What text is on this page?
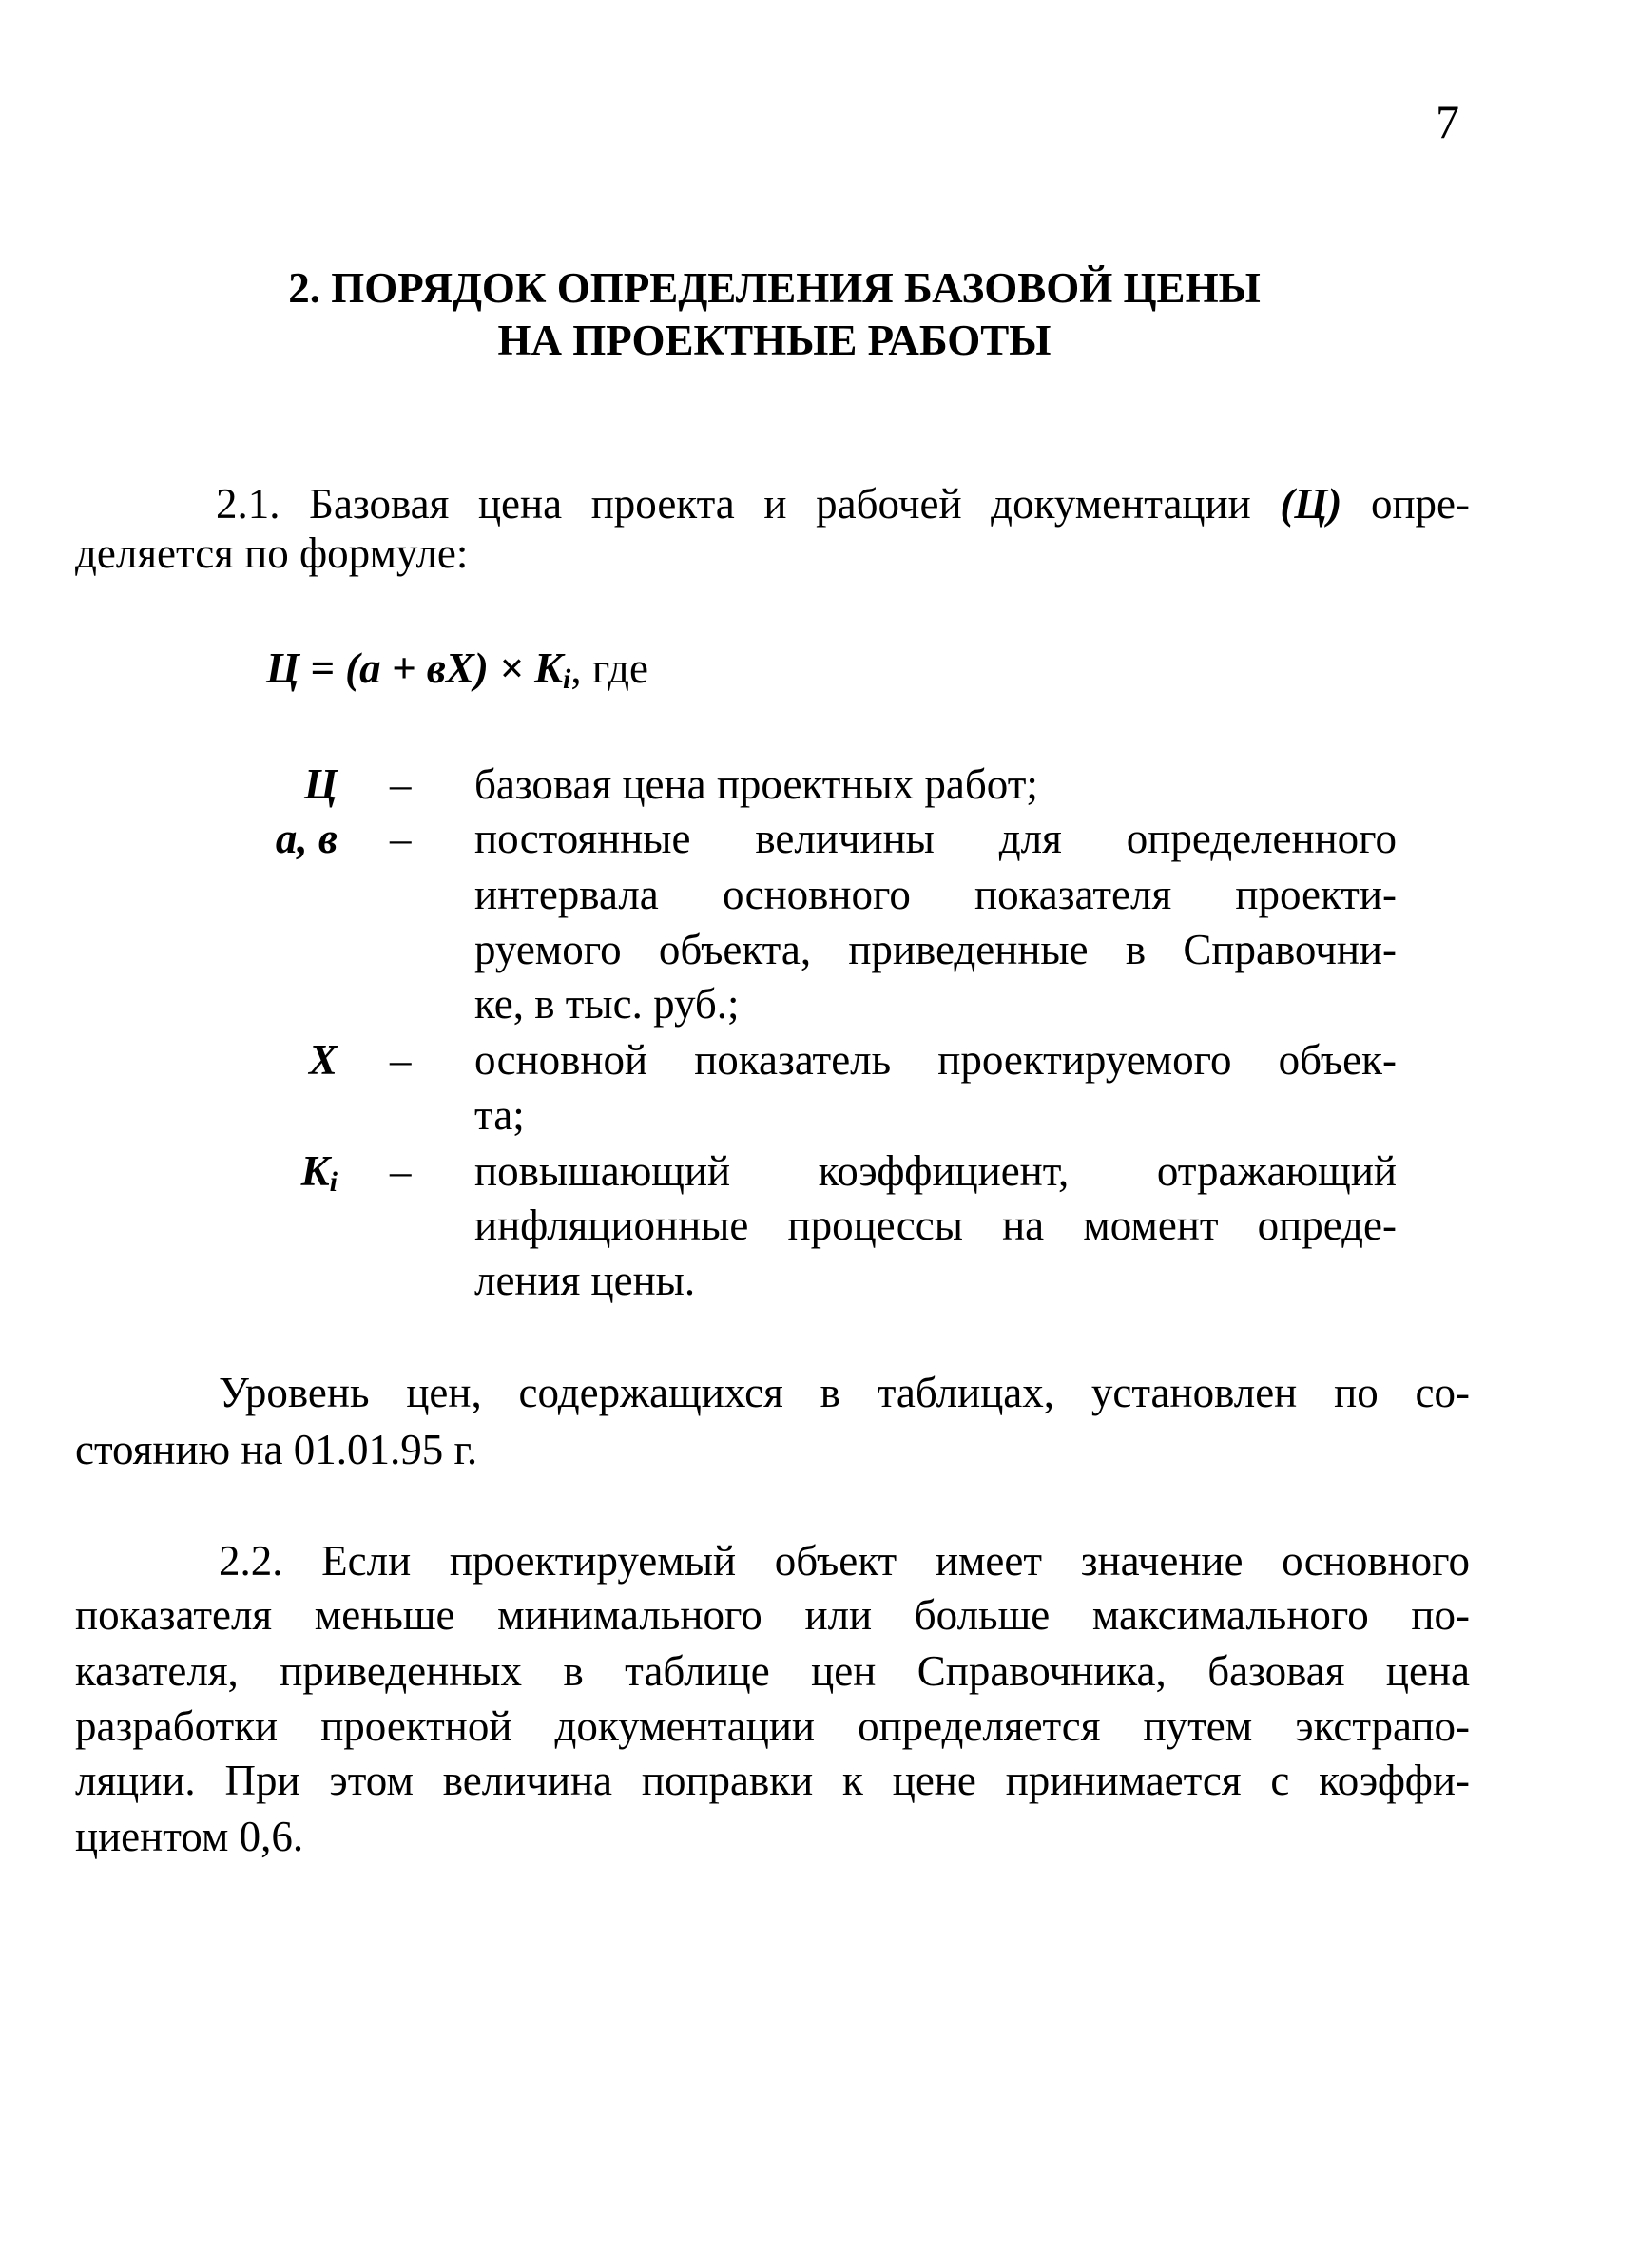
7
2. ПОРЯДОК ОПРЕДЕЛЕНИЯ БАЗОВОЙ ЦЕНЫ
НА ПРОЕКТНЫЕ РАБОТЫ
2.1. Базовая цена проекта и рабочей документации (Ц) опре-
деляется по формуле:
$Ц = (а + вХ) \times K_i$, где
Ц – базовая цена проектных работ;
а, в – постоянные величины для определенного
интервала основного показателя проекти-
руемого объекта, приведенные в Справочни-
ке, в тыс. руб.;
X – основной показатель проектируемого объек-
та;
$K_i$ – повышающий коэффициент, отражающий
инфляционные процессы на момент опреде-
ления цены.
Уровень цен, содержащихся в таблицах, установлен по со-
стоянию на 01.01.95 г.
2.2. Если проектируемый объект имеет значение основного
показателя меньше минимального или больше максимального по-
казателя, приведенных в таблице цен Справочника, базовая цена
разработки проектной документации определяется путем экстрапо-
ляции. При этом величина поправки к цене принимается с коэффи-
циентом 0,6.
